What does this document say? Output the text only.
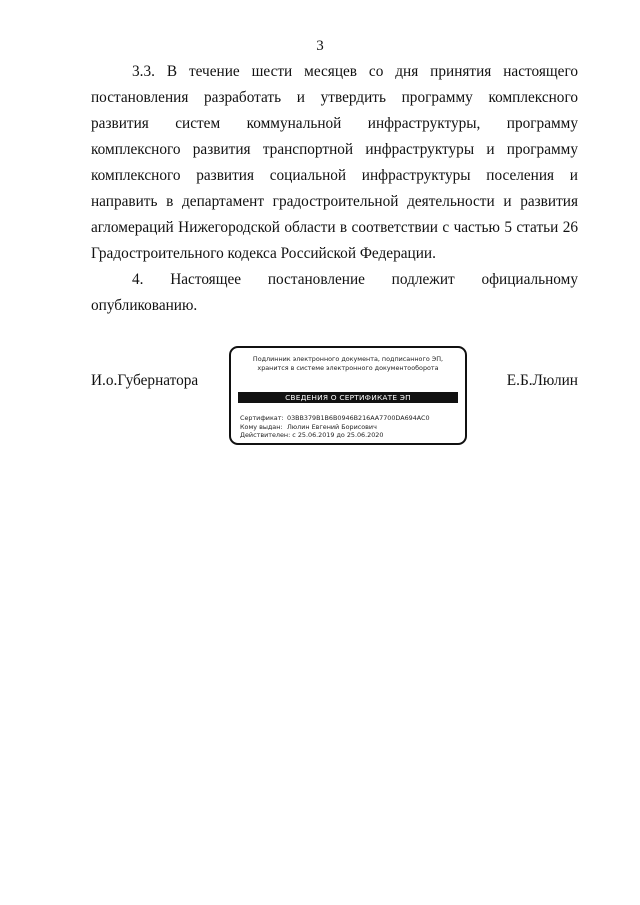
3

3.3. В течение шести месяцев со дня принятия настоящего постановления разработать и утвердить программу комплексного развития систем коммунальной инфраструктуры, программу комплексного развития транспортной инфраструктуры и программу комплексного развития социальной инфраструктуры поселения и направить в департамент градостроительной деятельности и развития агломераций Нижегородской области в соответствии с частью 5 статьи 26 Градостроительного кодекса Российской Федерации.

4. Настоящее постановление подлежит официальному опубликованию.

И.о.Губернатора	Е.Б.Люлин
Подлинник электронного документа, подписанного ЭП,
хранится в системе электронного документооборота
СВЕДЕНИЯ О СЕРТИФИКАТЕ ЭП
Сертификат: 03BB379B1B6B0946B216AA7700DA694AC0
Кому выдан: Люлин Евгений Борисович
Действителен: с 25.06.2019 до 25.06.2020
